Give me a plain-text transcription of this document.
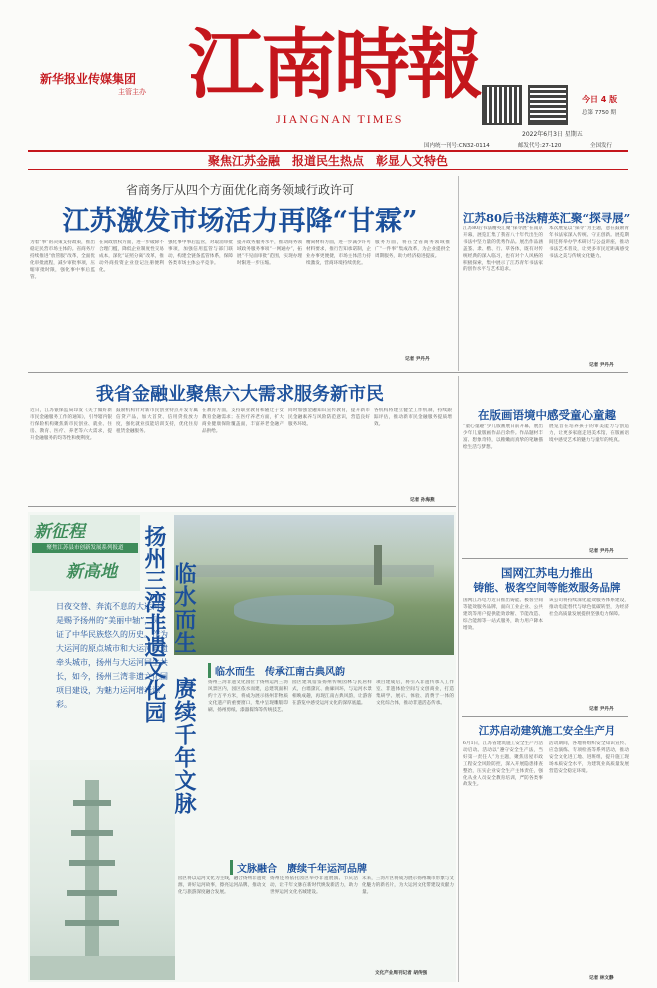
新华报业传媒集团
主管主办 江南時報
JIANGNAN TIMES
今日 4 版
总第 7750 期
2022年6月3日 星期五
国内统一刊号:CN32-0114	邮发代号:27-120	全国发行
聚焦江苏金融　报道民生热点　彰显人文特色
省商务厅从四个方面优化商务领域行政许可
江苏激发市场活力再降“甘霖”
为着“事”的决策支持政策，推出稳定民营市场主体的。省商务厅持续推进“放管服”改革，全面优化审批流程，减少审批事项，压缩审批时限，强化事中事后监管。
在简政放权方面，进一步破除不合理门槛，降低企业制度性交易成本，深化“证照分离”改革，推动外商投资企业登记注册便利化。
强化事中事后监管，对取消审批事项，加强信用监管与部门联动，构建全链条监管体系，保障各类市场主体公平竞争。
提升政务服务水平，推动商务领域政务服务事项“一网通办”，拓展“不见面审批”范围，实现办理时限进一步压缩。
精简材料方面，进一步减少许可材料要求，推行告知承诺制，企业办事更便捷，市场主体活力持续激发，营商环境持续优化。
服务方面，将在全省商务领域推广“一件事”集成改革，为企业提供全周期服务，助力经济稳进提质。
记者 尹丹丹
江苏80后书法精英汇聚“探寻展”
江苏80后书法精英汇聚“探寻展”在南京开幕，展览汇集了我省八十年代出生的书法中坚力量的优秀作品。展出作品涵盖篆、隶、楷、行、草各体，既有对传统经典的深入临习，也有对个人风格的积极探索，集中展示了江苏青年书法家的创作水平与艺术追求。
本次展览以“探寻”为主题，意在鼓励青年书法家深入传统、守正创新。展览期间还将举办学术研讨与公益讲座，推动书法艺术普及，让更多市民近距离感受书法之美与传统文化魅力。
记者 尹丹丹
我省金融业聚焦六大需求服务新市民
近日，江苏银保监局印发《关于做好新市民金融服务工作的通知》，引导辖内银行保险机构聚焦新市民创业、就业、住房、教育、医疗、养老等六大需求，提升金融服务的均等性和便利度。
鼓励机构针对新市民创业特点开发专属信贷产品，加大首贷、信用贷投放力度，强化就业技能培训支持，优化住房租赁金融服务。
在教育方面，支持职业教育和随迁子女教育金融需求；在医疗养老方面，扩大商业健康保险覆盖面，丰富养老金融产品供给。
同时加强金融知识宣传教育，提升新市民金融素养与风险防范意识，营造良好服务环境。
各机构将建立健全工作机制，持续跟踪评估，推动新市民金融服务提质增效。
记者 孙海燕
新征程
聚焦江苏县市创新发展系列报道
新高地
日夜交替、奔流不息的大运河，是赐予扬州的“美丽中轴”，见证了中华民族悠久的历史。作为大运河的原点城市和大运河申遗牵头城市，扬州与大运河同生共长，如今，扬州三湾非遗文化园项目建设，为魅力运河增光添彩。	扬州三湾非遗文化园 临水而生　赓续千年文脉	临水而生　传承江南古典风韵
扬州三湾非遗文化园位于扬州运河三湾风景区内，园区依水而建，总建筑面积约十万平方米，将成为展示扬州非物质文化遗产的重要窗口，集中呈现雕版印刷、扬州剪纸、漆器髹饰等传统技艺。
园区建筑借鉴扬州传统园林与民居样式，白墙黛瓦、曲廊回环，与运河水景相映成趣，再现江南古典风韵，让游客在游览中感受运河文化的深厚底蕴。
项目建成后，将引入非遗传承人工作室、非遗体验空间与文创商业，打造集研学、展示、体验、消费于一体的文化综合体，推动非遗活态传承。
文脉融合　赓续千年运河品牌
园区将以运河文化为主线，融合扬州非遗资源，讲好运河故事，擦亮运河品牌，推动文化与旅游深度融合发展。
扬州还将依托园区举办非遗展演、节庆活动，让千年文脉在新时代焕发新活力，助力世界运河文化名城建设。
未来，三湾片区将成为展示扬州城市形象与文化魅力的新名片，为大运河文化带建设贡献力量。
文化产业周刊记者 胡传强
在版画语境中感受童心童趣
“童心童趣”少儿版画展日前开幕，展出少年儿童版画作品百余件。作品题材丰富、想象奇特，以稚嫩而真挚的笔触描绘生活与梦想。
展览旨在培养孩子的审美能力与创造力，让更多家庭走进美术馆，在版画语境中感受艺术的魅力与童年的纯真。
记者 尹丹丹
国网江苏电力推出
铸能、极客空间等能效服务品牌
国网江苏电力近日推出铸能、极客空间等能效服务品牌，面向工业企业、公共建筑等用户提供能效诊断、节能改造、综合能源等一站式服务，助力用户降本增效。
该公司将持续深化能效服务体系建设，推动电能替代与绿色低碳转型，为经济社会高质量发展提供坚强电力保障。
记者 尹丹丹
江苏启动建筑施工安全生产月
6月1日，江苏省建筑施工安全生产月活动启动。活动以“遵守安全生产法，当好第一责任人”为主题，聚焦房屋市政工程安全风险防控，深入开展隐患排查整治，压实企业安全生产主体责任，强化从业人员安全教育培训，严防各类事故发生。
活动期间，各地将组织安全知识宣传、应急演练、专项检查等系列活动，推动安全文化进工地、进班组，提升施工现场本质安全水平，为建筑业高质量发展营造安全稳定环境。
记者 林文静
